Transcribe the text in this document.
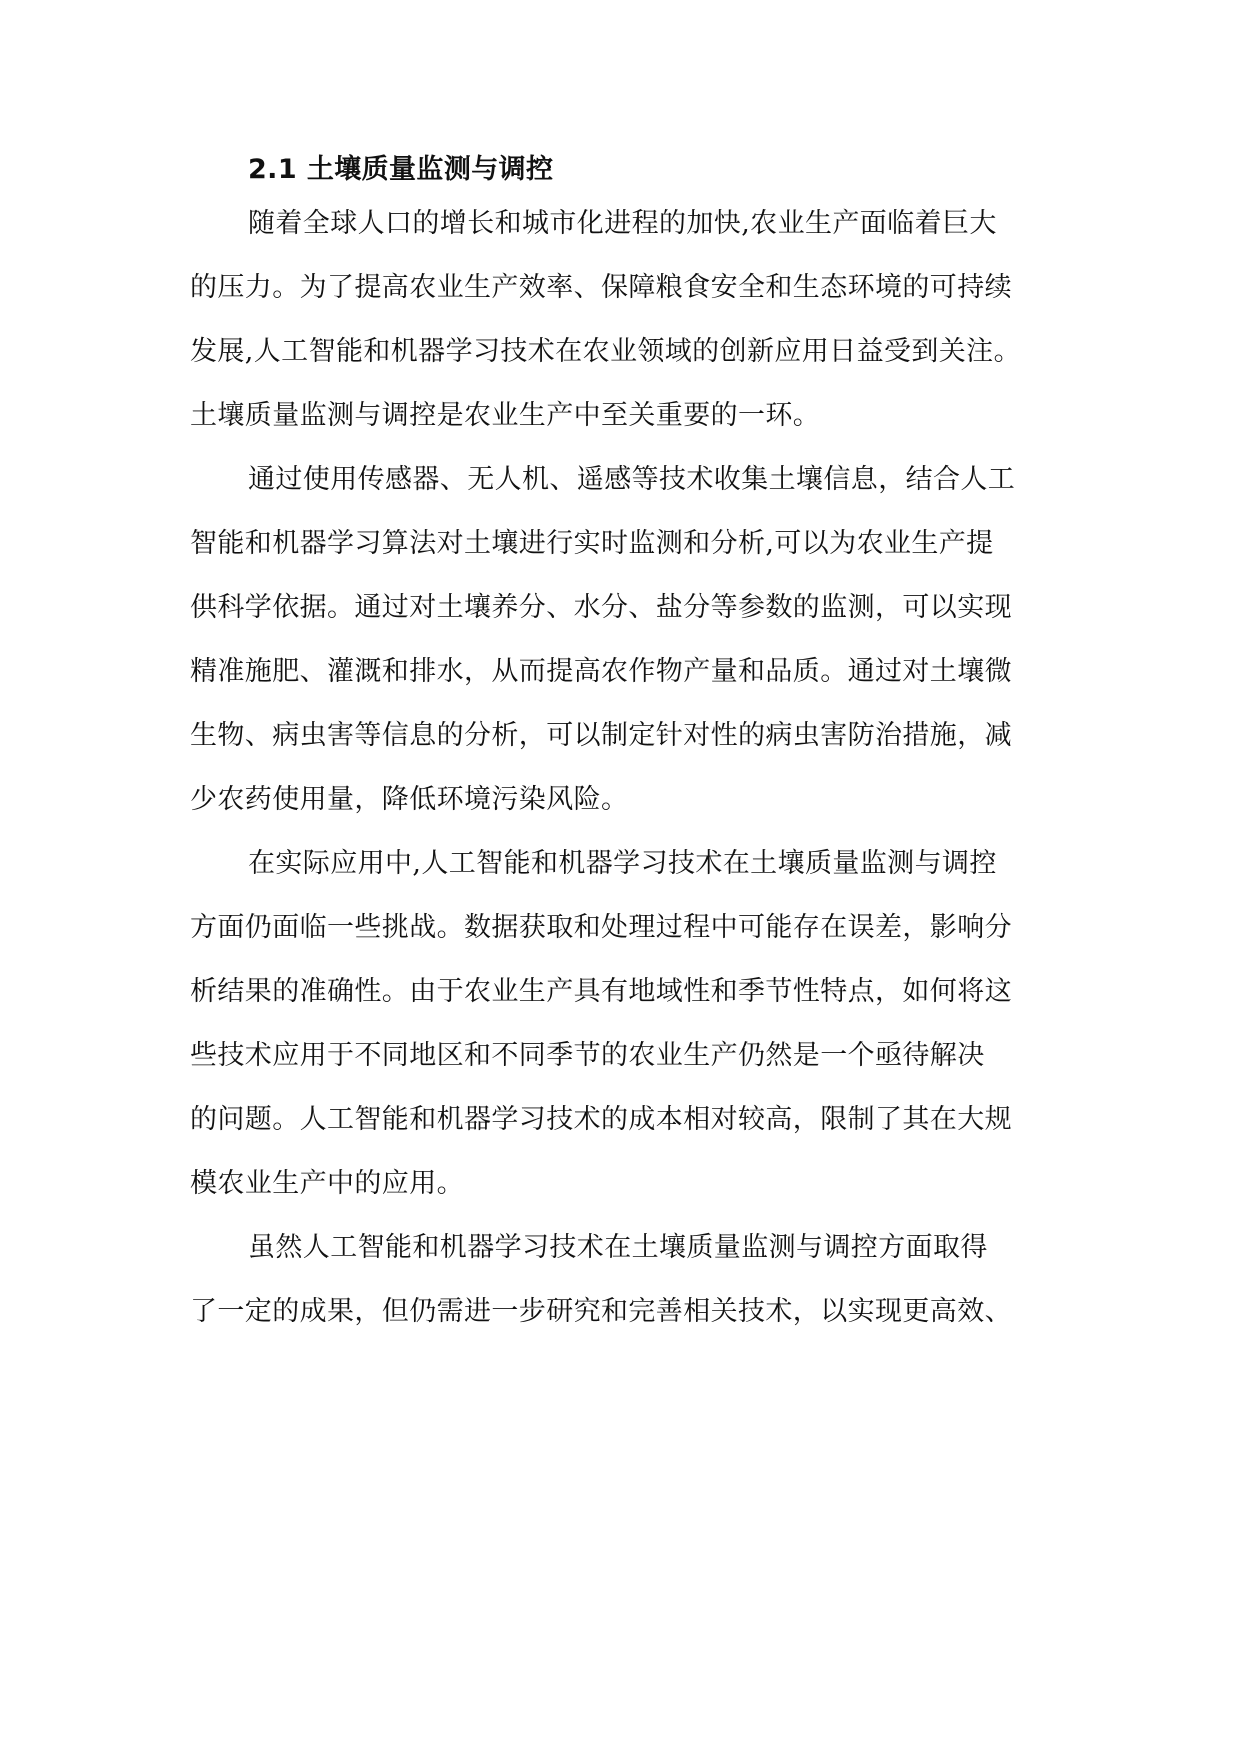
2.1 土壤质量监测与调控
随着全球人口的增长和城市化进程的加快,农业生产面临着巨大
的压力。为了提高农业生产效率、保障粮食安全和生态环境的可持续
发展,人工智能和机器学习技术在农业领域的创新应用日益受到关注。
土壤质量监测与调控是农业生产中至关重要的一环。
通过使用传感器、无人机、遥感等技术收集土壤信息，结合人工
智能和机器学习算法对土壤进行实时监测和分析,可以为农业生产提
供科学依据。通过对土壤养分、水分、盐分等参数的监测，可以实现
精准施肥、灌溉和排水，从而提高农作物产量和品质。通过对土壤微
生物、病虫害等信息的分析，可以制定针对性的病虫害防治措施，减
少农药使用量，降低环境污染风险。
在实际应用中,人工智能和机器学习技术在土壤质量监测与调控
方面仍面临一些挑战。数据获取和处理过程中可能存在误差，影响分
析结果的准确性。由于农业生产具有地域性和季节性特点，如何将这
些技术应用于不同地区和不同季节的农业生产仍然是一个亟待解决
的问题。人工智能和机器学习技术的成本相对较高，限制了其在大规
模农业生产中的应用。
虽然人工智能和机器学习技术在土壤质量监测与调控方面取得
了一定的成果，但仍需进一步研究和完善相关技术，以实现更高效、
